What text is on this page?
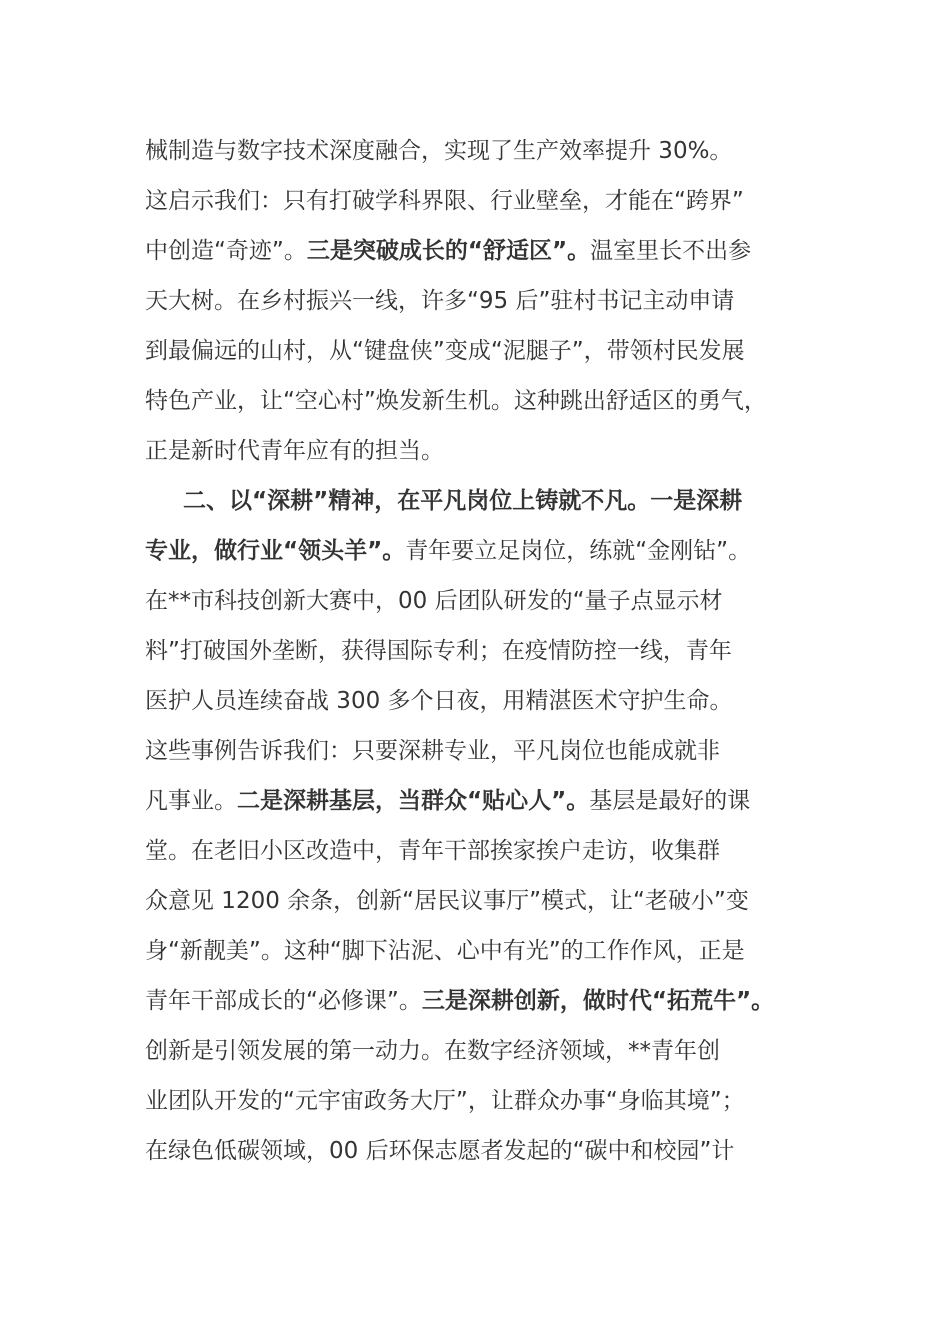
械制造与数字技术深度融合，实现了生产效率提升 30%。
这启示我们：只有打破学科界限、行业壁垒，才能在“跨界”
中创造“奇迹”。三是突破成长的“舒适区”。温室里长不出参
天大树。在乡村振兴一线，许多“95 后”驻村书记主动申请
到最偏远的山村，从“键盘侠”变成“泥腿子”，带领村民发展
特色产业，让“空心村”焕发新生机。这种跳出舒适区的勇气，
正是新时代青年应有的担当。
二、以“深耕”精神，在平凡岗位上铸就不凡。一是深耕
专业，做行业“领头羊”。青年要立足岗位，练就“金刚钻”。
在**市科技创新大赛中，00 后团队研发的“量子点显示材
料”打破国外垄断，获得国际专利；在疫情防控一线，青年
医护人员连续奋战 300 多个日夜，用精湛医术守护生命。
这些事例告诉我们：只要深耕专业，平凡岗位也能成就非
凡事业。二是深耕基层，当群众“贴心人”。基层是最好的课
堂。在老旧小区改造中，青年干部挨家挨户走访，收集群
众意见 1200 余条，创新“居民议事厅”模式，让“老破小”变
身“新靓美”。这种“脚下沾泥、心中有光”的工作作风，正是
青年干部成长的“必修课”。三是深耕创新，做时代“拓荒牛”。
创新是引领发展的第一动力。在数字经济领域，**青年创
业团队开发的“元宇宙政务大厅”，让群众办事“身临其境”；
在绿色低碳领域，00 后环保志愿者发起的“碳中和校园”计
